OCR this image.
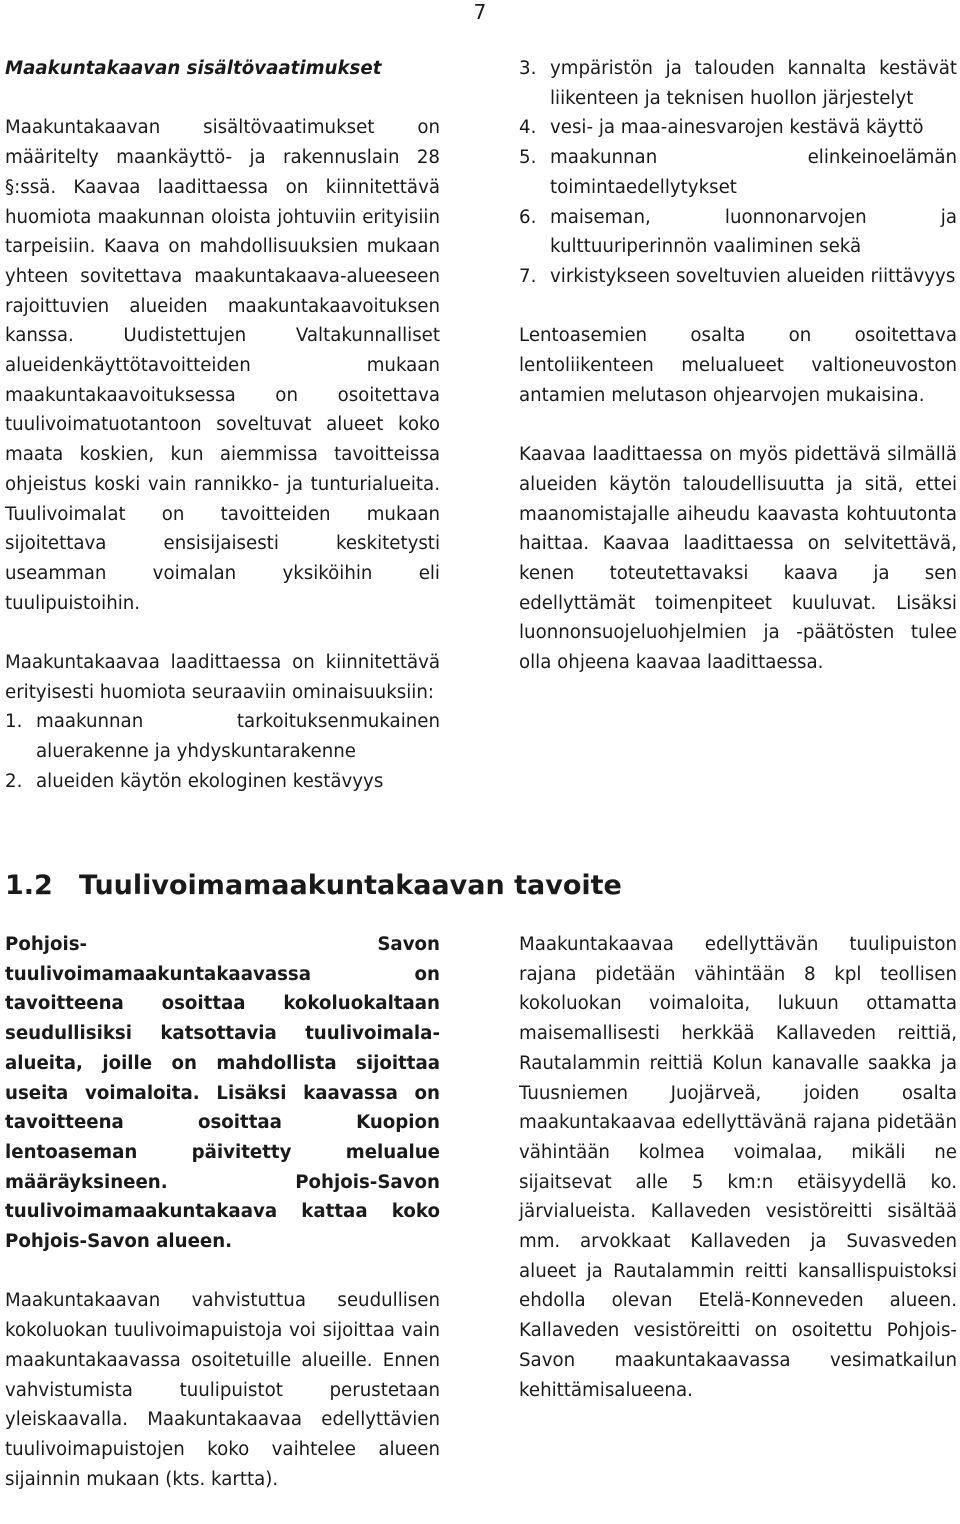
7
Maakuntakaavan sisältövaatimukset

Maakuntakaavan sisältövaatimukset on määritelty maankäyttö- ja rakennuslain 28 §:ssä. Kaavaa laadittaessa on kiinnitettävä huomiota maakunnan oloista johtuviin erityisiin tarpeisiin. Kaava on mahdollisuuksien mukaan yhteen sovitettava maakuntakaava-alueeseen rajoittuvien alueiden maakuntakaavoituksen kanssa. Uudistettujen Valtakunnalliset alueidenkäyttötavoitteiden mukaan maakuntakaavoituksessa on osoitettava tuulivoimatuotantoon soveltuvat alueet koko maata koskien, kun aiemmissa tavoitteissa ohjeistus koski vain rannikko- ja tunturialueita. Tuulivoimalat on tavoitteiden mukaan sijoitettava ensisijaisesti keskitetysti useamman voimalan yksiköihin eli tuulipuistoihin.

Maakuntakaavaa laadittaessa on kiinnitettävä erityisesti huomiota seuraaviin ominaisuuksiin:

1. maakunnan tarkoituksenmukainen aluerakenne ja yhdyskuntarakenne
2. alueiden käytön ekologinen kestävyys
3. ympäristön ja talouden kannalta kestävät liikenteen ja teknisen huollon järjestelyt
4. vesi- ja maa-ainesvarojen kestävä käyttö
5. maakunnan elinkeinoelämän toimintaedellytykset
6. maiseman, luonnonarvojen ja kulttuuriperinnön vaaliminen sekä
7. virkistykseen soveltuvien alueiden riittävyys

Lentoasemien osalta on osoitettava lentoliikenteen melualueet valtioneuvoston antamien melutason ohjearvojen mukaisina.

Kaavaa laadittaessa on myös pidettävä silmällä alueiden käytön taloudellisuutta ja sitä, ettei maanomistajalle aiheudu kaavasta kohtuutonta haittaa. Kaavaa laadittaessa on selvitettävä, kenen toteutettavaksi kaava ja sen edellyttämät toimenpiteet kuuluvat. Lisäksi luonnonsuojeluohjelmien ja -päätösten tulee olla ohjeena kaavaa laadittaessa.

1.2 Tuulivoimamaakuntakaavan tavoite

Pohjois- Savon tuulivoimamaakuntakaavassa on tavoitteena osoittaa kokoluokaltaan seudullisiksi katsottavia tuulivoimala-alueita, joille on mahdollista sijoittaa useita voimaloita. Lisäksi kaavassa on tavoitteena osoittaa Kuopion lentoaseman päivitetty melualue määräyksineen. Pohjois-Savon tuulivoimamaakuntakaava kattaa koko Pohjois-Savon alueen.

Maakuntakaavan vahvistuttua seudullisen kokoluokan tuulivoimapuistoja voi sijoittaa vain maakuntakaavassa osoitetuille alueille. Ennen vahvistumista tuulipuistot perustetaan yleiskaavalla. Maakuntakaavaa edellyttävien tuulivoimapuistojen koko vaihtelee alueen sijainnin mukaan (kts. kartta).

Maakuntakaavaa edellyttävän tuulipuiston rajana pidetään vähintään 8 kpl teollisen kokoluokan voimaloita, lukuun ottamatta maisemallisesti herkkää Kallaveden reittiä, Rautalammin reittiä Kolun kanavalle saakka ja Tuusniemen Juojärveä, joiden osalta maakuntakaavaa edellyttävänä rajana pidetään vähintään kolmea voimalaa, mikäli ne sijaitsevat alle 5 km:n etäisyydellä ko. järvialueista. Kallaveden vesistöreitti sisältää mm. arvokkaat Kallaveden ja Suvasveden alueet ja Rautalammin reitti kansallispuistoksi ehdolla olevan Etelä-Konneveden alueen. Kallaveden vesistöreitti on osoitettu Pohjois-Savon maakuntakaavassa vesimatkailun kehittämisalueena.
